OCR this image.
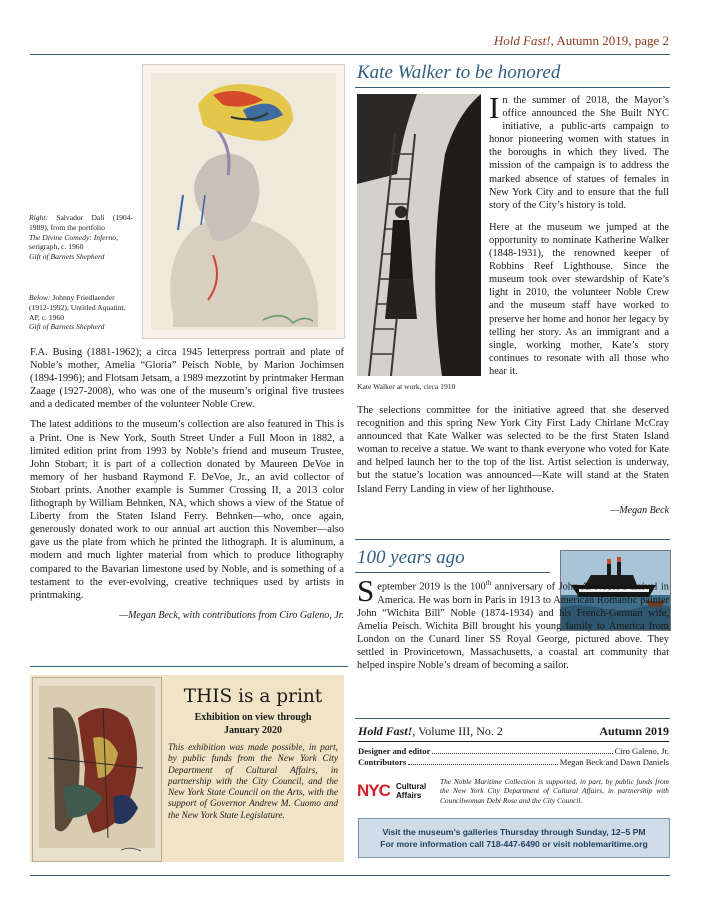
Hold Fast!, Autumn 2019, page 2
Right: Salvador Dalí (1904-1989), from the portfolio
The Divine Comedy: Inferno,
serigraph, c. 1960
Gift of Barnets Shepherd
Below: Johnny Friedlaender (1912-1992), Untitled Aquatint, AP, c. 1960
Gift of Barnets Shepherd

F.A. Busing (1881-1962); a circa 1945 letterpress portrait and plate of Noble’s mother, Amelia “Gloria” Peisch Noble, by Marion Jochimsen (1894-1996); and Flotsam Jetsam, a 1989 mezzotint by printmaker Herman Zaage (1927-2008), who was one of the museum’s original five trustees and a dedicated member of the volunteer Noble Crew.

The latest additions to the museum’s collection are also featured in This is a Print. One is New York, South Street Under a Full Moon in 1882, a limited edition print from 1993 by Noble’s friend and museum Trustee, John Stobart; it is part of a collection donated by Maureen DeVoe in memory of her husband Raymond F. DeVoe, Jr., an avid collector of Stobart prints. Another example is Summer Crossing II, a 2013 color lithograph by William Behnken, NA, which shows a view of the Statue of Liberty from the Staten Island Ferry. Behnken—who, once again, generously donated work to our annual art auction this November—also gave us the plate from which he printed the lithograph. It is aluminum, a modern and much lighter material from which to produce lithography compared to the Bavarian limestone used by Noble, and is something of a testament to the ever-evolving, creative techniques used by artists in printmaking.

—Megan Beck, with contributions from Ciro Galeno, Jr.

THIS is a print
Exhibition on view through
January 2020
This exhibition was made possible, in part, by public funds from the New York City Department of Cultural Affairs, in partnership with the City Council, and the New York State Council on the Arts, with the support of Governor Andrew M. Cuomo and the New York State Legislature.
Kate Walker to be honored
Kate Walker at work, circa 1910

In the summer of 2018, the Mayor’s office announced the She Built NYC initiative, a public-arts campaign to honor pioneering women with statues in the boroughs in which they lived. The mission of the campaign is to address the marked absence of statues of females in New York City and to ensure that the full story of the City’s history is told.

Here at the museum we jumped at the opportunity to nominate Katherine Walker (1848-1931), the renowned keeper of Robbins Reef Lighthouse. Since the museum took over stewardship of Kate’s light in 2010, the volunteer Noble Crew and the museum staff have worked to preserve her home and honor her legacy by telling her story. As an immigrant and a single, working mother, Kate’s story continues to resonate with all those who hear it.

The selections committee for the initiative agreed that she deserved recognition and this spring New York City First Lady Chirlane McCray announced that Kate Walker was selected to be the first Staten Island woman to receive a statue. We want to thank everyone who voted for Kate and helped launch her to the top of the list. Artist selection is underway, but the statue’s location was announced—Kate will stand at the Staten Island Ferry Landing in view of her lighthouse.

—Megan Beck

100 years ago

September 2019 is the 100th anniversary of John A. Noble’s arrival in America. He was born in Paris in 1913 to American Romantic painter John “Wichita Bill” Noble (1874-1934) and his French-German wife, Amelia Peisch. Wichita Bill brought his young family to America from London on the Cunard liner SS Royal George, pictured above. They settled in Provincetown, Massachusetts, a coastal art community that helped inspire Noble’s dream of becoming a sailor.

Hold Fast!, Volume III, No. 2	Autumn 2019
Designer and editor	Ciro Galeno, Jr.
Contributors	Megan Beck and Dawn Daniels
NYC Cultural
Affairs
The Noble Maritime Collection is supported, in part, by public funds from the New York City Department of Cultural Affairs, in partnership with Councilwoman Debi Rose and the City Council.
Visit the museum’s galleries Thursday through Sunday, 12–5 PM
For more information call 718-447-6490 or visit noblemaritime.org
